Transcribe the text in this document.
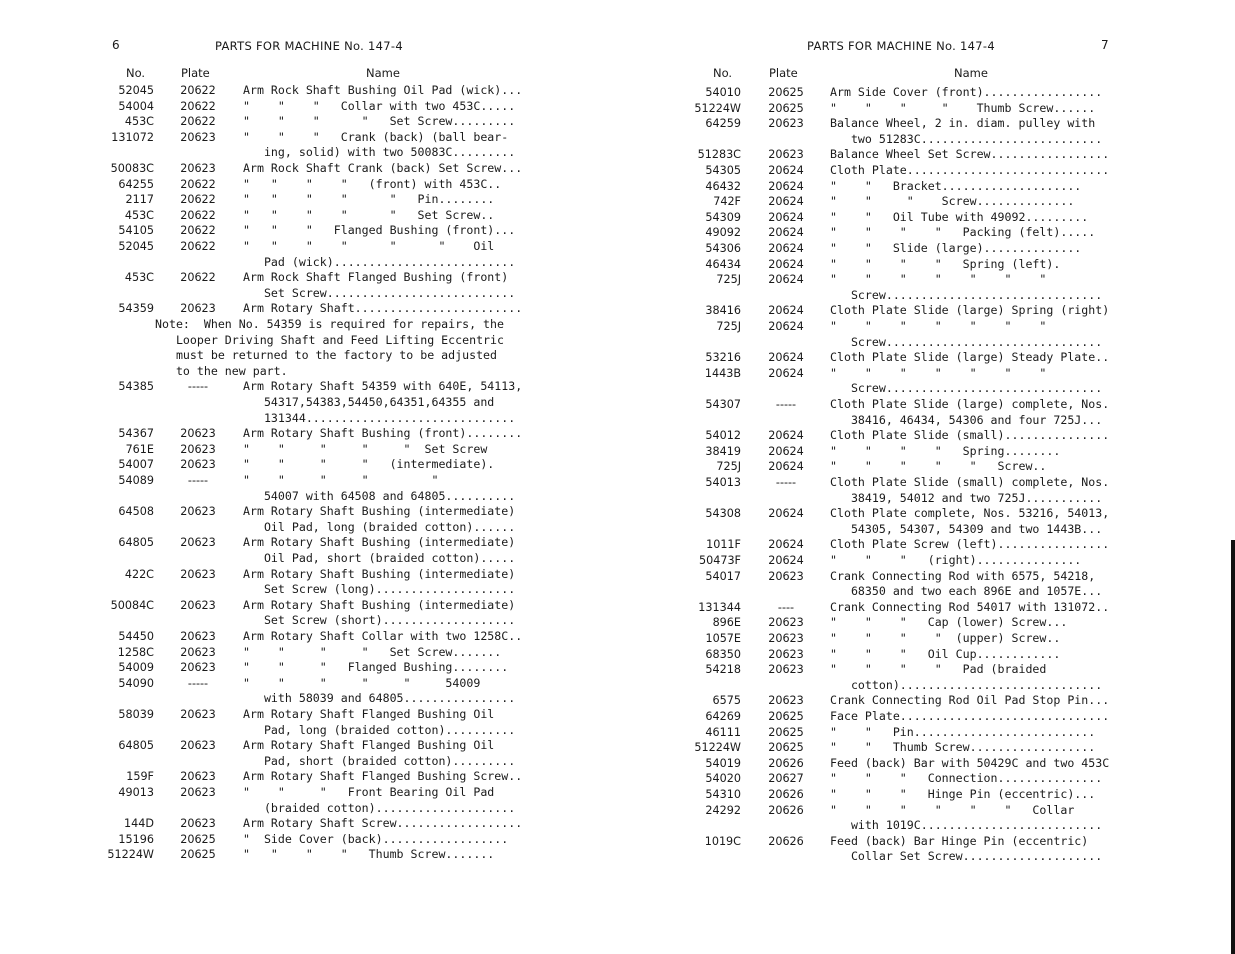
6	PARTS FOR MACHINE No. 147-4
No.	Plate	Name
52045 20622 Arm Rock Shaft Bushing Oil Pad (wick)...
54004 20622 "    "    "   Collar with two 453C.....
453C 20622 "    "    "      "   Set Screw.........
131072 20623 "    "    "   Crank (back) (ball bear-
ing, solid) with two 50083C.........
50083C 20623 Arm Rock Shaft Crank (back) Set Screw...
64255 20622 "   "    "    "   (front) with 453C..
2117 20622 "   "    "    "      "   Pin........
453C 20622 "   "    "    "      "   Set Screw..
54105 20622 "   "    "   Flanged Bushing (front)...
52045 20622 "   "    "    "      "      "    Oil
Pad (wick)..........................
453C 20622 Arm Rock Shaft Flanged Bushing (front)
Set Screw...........................
54359 20623 Arm Rotary Shaft........................
Note:  When No. 54359 is required for repairs, the
Looper Driving Shaft and Feed Lifting Eccentric
must be returned to the factory to be adjusted
to the new part.
54385	-----	Arm Rotary Shaft 54359 with 640E, 54113,
54317,54383,54450,64351,64355 and
131344..............................
54367 20623 Arm Rotary Shaft Bushing (front)........
761E 20623 "    "     "     "     "  Set Screw
54007 20623 "    "     "     "   (intermediate).
54089	-----	"    "     "     "         "
54007 with 64508 and 64805..........
64508 20623 Arm Rotary Shaft Bushing (intermediate)
Oil Pad, long (braided cotton)......
64805 20623 Arm Rotary Shaft Bushing (intermediate)
Oil Pad, short (braided cotton).....
422C 20623 Arm Rotary Shaft Bushing (intermediate)
Set Screw (long)....................
50084C 20623 Arm Rotary Shaft Bushing (intermediate)
Set Screw (short)...................
54450 20623 Arm Rotary Shaft Collar with two 1258C..
1258C 20623 "    "     "     "   Set Screw.......
54009 20623 "    "     "   Flanged Bushing........
54090	-----	"    "     "     "     "     54009
with 58039 and 64805................
58039 20623 Arm Rotary Shaft Flanged Bushing Oil
Pad, long (braided cotton)..........
64805 20623 Arm Rotary Shaft Flanged Bushing Oil
Pad, short (braided cotton).........
159F 20623 Arm Rotary Shaft Flanged Bushing Screw..
49013 20623 "    "     "   Front Bearing Oil Pad
(braided cotton)....................
144D 20623 Arm Rotary Shaft Screw..................
15196 20625 "  Side Cover (back)..................
51224W 20625 "   "    "    "   Thumb Screw.......
7
PARTS FOR MACHINE No. 147-4
No.	Plate	Name
54010 20625 Arm Side Cover (front).................
51224W 20625 "    "    "     "    Thumb Screw......
64259 20623 Balance Wheel, 2 in. diam. pulley with
two 51283C..........................
51283C 20623 Balance Wheel Set Screw.................
54305 20624 Cloth Plate.............................
46432 20624 "    "   Bracket....................
742F 20624 "    "     "    Screw..............
54309 20624 "    "   Oil Tube with 49092.........
49092 20624 "    "    "    "   Packing (felt).....
54306 20624 "    "   Slide (large)..............
46434 20624 "    "    "    "   Spring (left).
725J 20624 "    "    "    "    "    "    "
Screw...............................
38416 20624 Cloth Plate Slide (large) Spring (right)
725J 20624 "    "    "    "    "    "    "
Screw...............................
53216 20624 Cloth Plate Slide (large) Steady Plate..
1443B 20624 "    "    "    "    "    "    "
Screw...............................
54307	-----	Cloth Plate Slide (large) complete, Nos.
38416, 46434, 54306 and four 725J...
54012 20624 Cloth Plate Slide (small)...............
38419 20624 "    "    "    "   Spring........
725J 20624 "    "    "    "    "   Screw..
54013	-----	Cloth Plate Slide (small) complete, Nos.
38419, 54012 and two 725J...........
54308 20624 Cloth Plate complete, Nos. 53216, 54013,
54305, 54307, 54309 and two 1443B...
1011F 20624 Cloth Plate Screw (left)................
50473F 20624 "    "    "   (right)...............
54017 20623 Crank Connecting Rod with 6575, 54218,
68350 and two each 896E and 1057E...
131344	----	Crank Connecting Rod 54017 with 131072..
896E 20623 "    "    "   Cap (lower) Screw...
1057E 20623 "    "    "    "  (upper) Screw..
68350 20623 "    "    "   Oil Cup............
54218 20623 "    "    "    "   Pad (braided
cotton).............................
6575 20623 Crank Connecting Rod Oil Pad Stop Pin...
64269 20625 Face Plate..............................
46111 20625 "    "   Pin..........................
51224W 20625 "    "   Thumb Screw..................
54019 20626 Feed (back) Bar with 50429C and two 453C
54020 20627 "    "    "   Connection...............
54310 20626 "    "    "   Hinge Pin (eccentric)...
24292 20626 "    "    "    "    "    "   Collar
with 1019C..........................
1019C 20626 Feed (back) Bar Hinge Pin (eccentric)
Collar Set Screw....................
